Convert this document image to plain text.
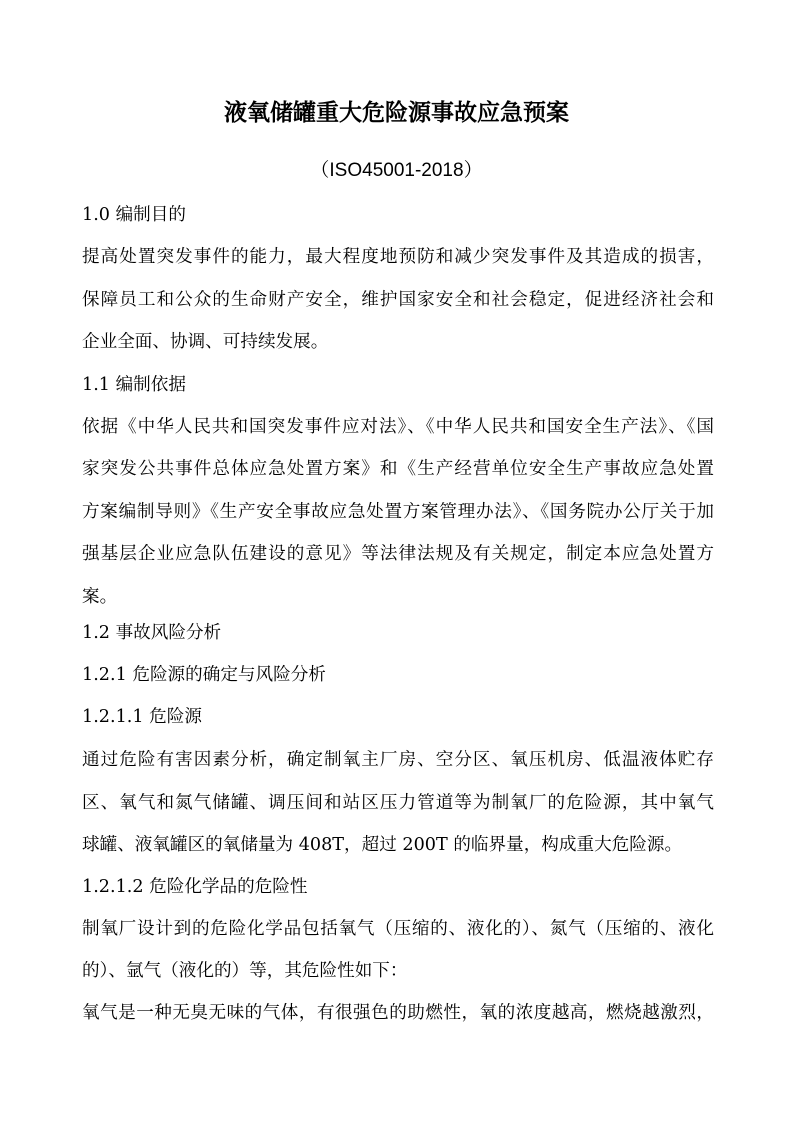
液氧储罐重大危险源事故应急预案
（ISO45001-2018）
1.0 编制目的
提高处置突发事件的能力，最大程度地预防和减少突发事件及其造成的损害，
保障员工和公众的生命财产安全，维护国家安全和社会稳定，促进经济社会和
企业全面、协调、可持续发展。
1.1 编制依据
依据《中华人民共和国突发事件应对法》、《中华人民共和国安全生产法》、《国
家突发公共事件总体应急处置方案》和《生产经营单位安全生产事故应急处置
方案编制导则》《生产安全事故应急处置方案管理办法》、《国务院办公厅关于加
强基层企业应急队伍建设的意见》等法律法规及有关规定，制定本应急处置方
案。
1.2 事故风险分析
1.2.1 危险源的确定与风险分析
1.2.1.1 危险源
通过危险有害因素分析，确定制氧主厂房、空分区、氧压机房、低温液体贮存
区、氧气和氮气储罐、调压间和站区压力管道等为制氧厂的危险源，其中氧气
球罐、液氧罐区的氧储量为 408T，超过 200T 的临界量，构成重大危险源。
1.2.1.2 危险化学品的危险性
制氧厂设计到的危险化学品包括氧气（压缩的、液化的）、氮气（压缩的、液化
的）、氩气（液化的）等，其危险性如下：
氧气是一种无臭无味的气体，有很强色的助燃性，氧的浓度越高，燃烧越激烈，
